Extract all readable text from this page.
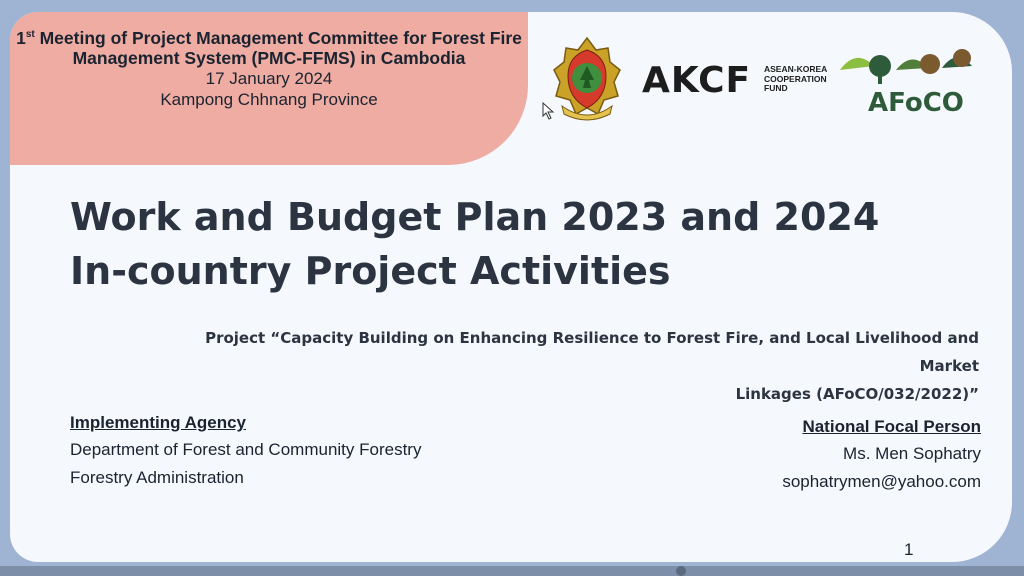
1st Meeting of Project Management Committee for Forest Fire Management System (PMC-FFMS) in Cambodia
17 January 2024
Kampong Chhnang Province	AKCF ASEAN-KOREA
COOPERATION
FUND	AFoCO
Work and Budget Plan 2023 and 2024
In-country Project Activities
Project “Capacity Building on Enhancing Resilience to Forest Fire, and Local Livelihood and Market
Linkages (AFoCO/032/2022)”
Implementing Agency
Department of Forest and Community Forestry
Forestry Administration
National Focal Person
Ms. Men Sophatry
sophatrymen@yahoo.com
1
